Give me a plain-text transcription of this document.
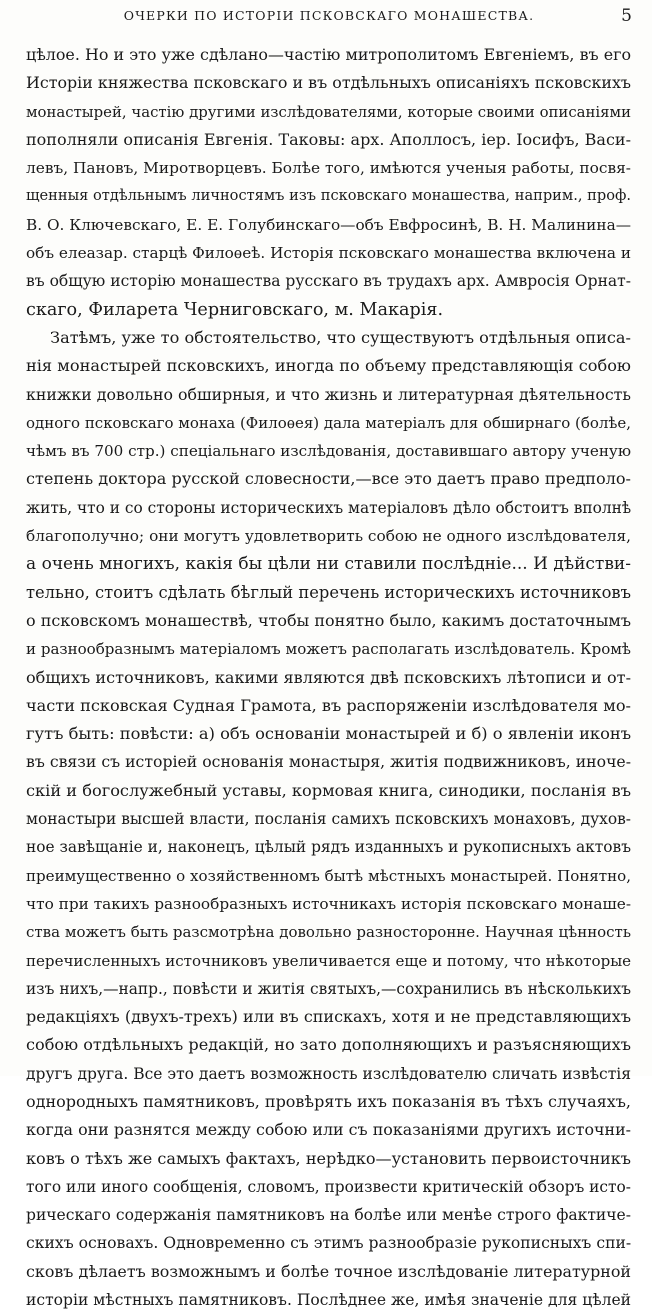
ОЧЕРКИ ПО ИСТОРІИ ПСКОВСКАГО МОНАШЕСТВА.	5
цѣлое. Но и это уже сдѣлано—частію митрополитомъ Евгеніемъ, въ его
Исторіи княжества псковскаго и въ отдѣльныхъ описаніяхъ псковскихъ
монастырей, частію другими изслѣдователями, которые своими описаніями
пополняли описанія Евгенія. Таковы: арх. Аполлосъ, іер. Іосифъ, Васи-
левъ, Пановъ, Миротворцевъ. Болѣе того, имѣются ученыя работы, посвя-
щенныя отдѣльнымъ личностямъ изъ псковскаго монашества, наприм., проф.
В. О. Ключевскаго, Е. Е. Голубинскаго—объ Евфросинѣ, В. Н. Малинина—
объ елеазар. старцѣ Филоѳеѣ. Исторія псковскаго монашества включена и
въ общую исторію монашества русскаго въ трудахъ арх. Амвросія Орнат-
скаго, Филарета Черниговскаго, м. Макарія.
Затѣмъ, уже то обстоятельство, что существуютъ отдѣльныя описа-
нія монастырей псковскихъ, иногда по объему представляющія собою
книжки довольно обширныя, и что жизнь и литературная дѣятельность
одного псковскаго монаха (Филоѳея) дала матеріалъ для обширнаго (болѣе,
чѣмъ въ 700 стр.) спеціальнаго изслѣдованія, доставившаго автору ученую
степень доктора русской словесности,—все это даетъ право предполо-
жить, что и со стороны историческихъ матеріаловъ дѣло обстоитъ вполнѣ
благополучно; они могутъ удовлетворить собою не одного изслѣдователя,
а очень многихъ, какія бы цѣли ни ставили послѣдніе... И дѣйстви-
тельно, стоитъ сдѣлать бѣглый перечень историческихъ источниковъ
о псковскомъ монашествѣ, чтобы понятно было, какимъ достаточнымъ
и разнообразнымъ матеріаломъ можетъ располагать изслѣдователь. Кромѣ
общихъ источниковъ, какими являются двѣ псковскихъ лѣтописи и от-
части псковская Судная Грамота, въ распоряженіи изслѣдователя мо-
гутъ быть: повѣсти: а) объ основаніи монастырей и б) о явленіи иконъ
въ связи съ исторіей основанія монастыря, житія подвижниковъ, иноче-
скій и богослужебный уставы, кормовая книга, синодики, посланія въ
монастыри высшей власти, посланія самихъ псковскихъ монаховъ, духов-
ное завѣщаніе и, наконецъ, цѣлый рядъ изданныхъ и рукописныхъ актовъ
преимущественно о хозяйственномъ бытѣ мѣстныхъ монастырей. Понятно,
что при такихъ разнообразныхъ источникахъ исторія псковскаго монаше-
ства можетъ быть разсмотрѣна довольно разносторонне. Научная цѣнность
перечисленныхъ источниковъ увеличивается еще и потому, что нѣкоторые
изъ нихъ,—напр., повѣсти и житія святыхъ,—сохранились въ нѣсколькихъ
редакціяхъ (двухъ-трехъ) или въ спискахъ, хотя и не представляющихъ
собою отдѣльныхъ редакцій, но зато дополняющихъ и разъясняющихъ
другъ друга. Все это даетъ возможность изслѣдователю сличать извѣстія
однородныхъ памятниковъ, провѣрять ихъ показанія въ тѣхъ случаяхъ,
когда они разнятся между собою или съ показаніями другихъ источни-
ковъ о тѣхъ же самыхъ фактахъ, нерѣдко—установить первоисточникъ
того или иного сообщенія, словомъ, произвести критическій обзоръ исто-
рическаго содержанія памятниковъ на болѣе или менѣе строго фактиче-
скихъ основахъ. Одновременно съ этимъ разнообразіе рукописныхъ спи-
сковъ дѣлаетъ возможнымъ и болѣе точное изслѣдованіе литературной
исторіи мѣстныхъ памятниковъ. Послѣднее же, имѣя значеніе для цѣлей
